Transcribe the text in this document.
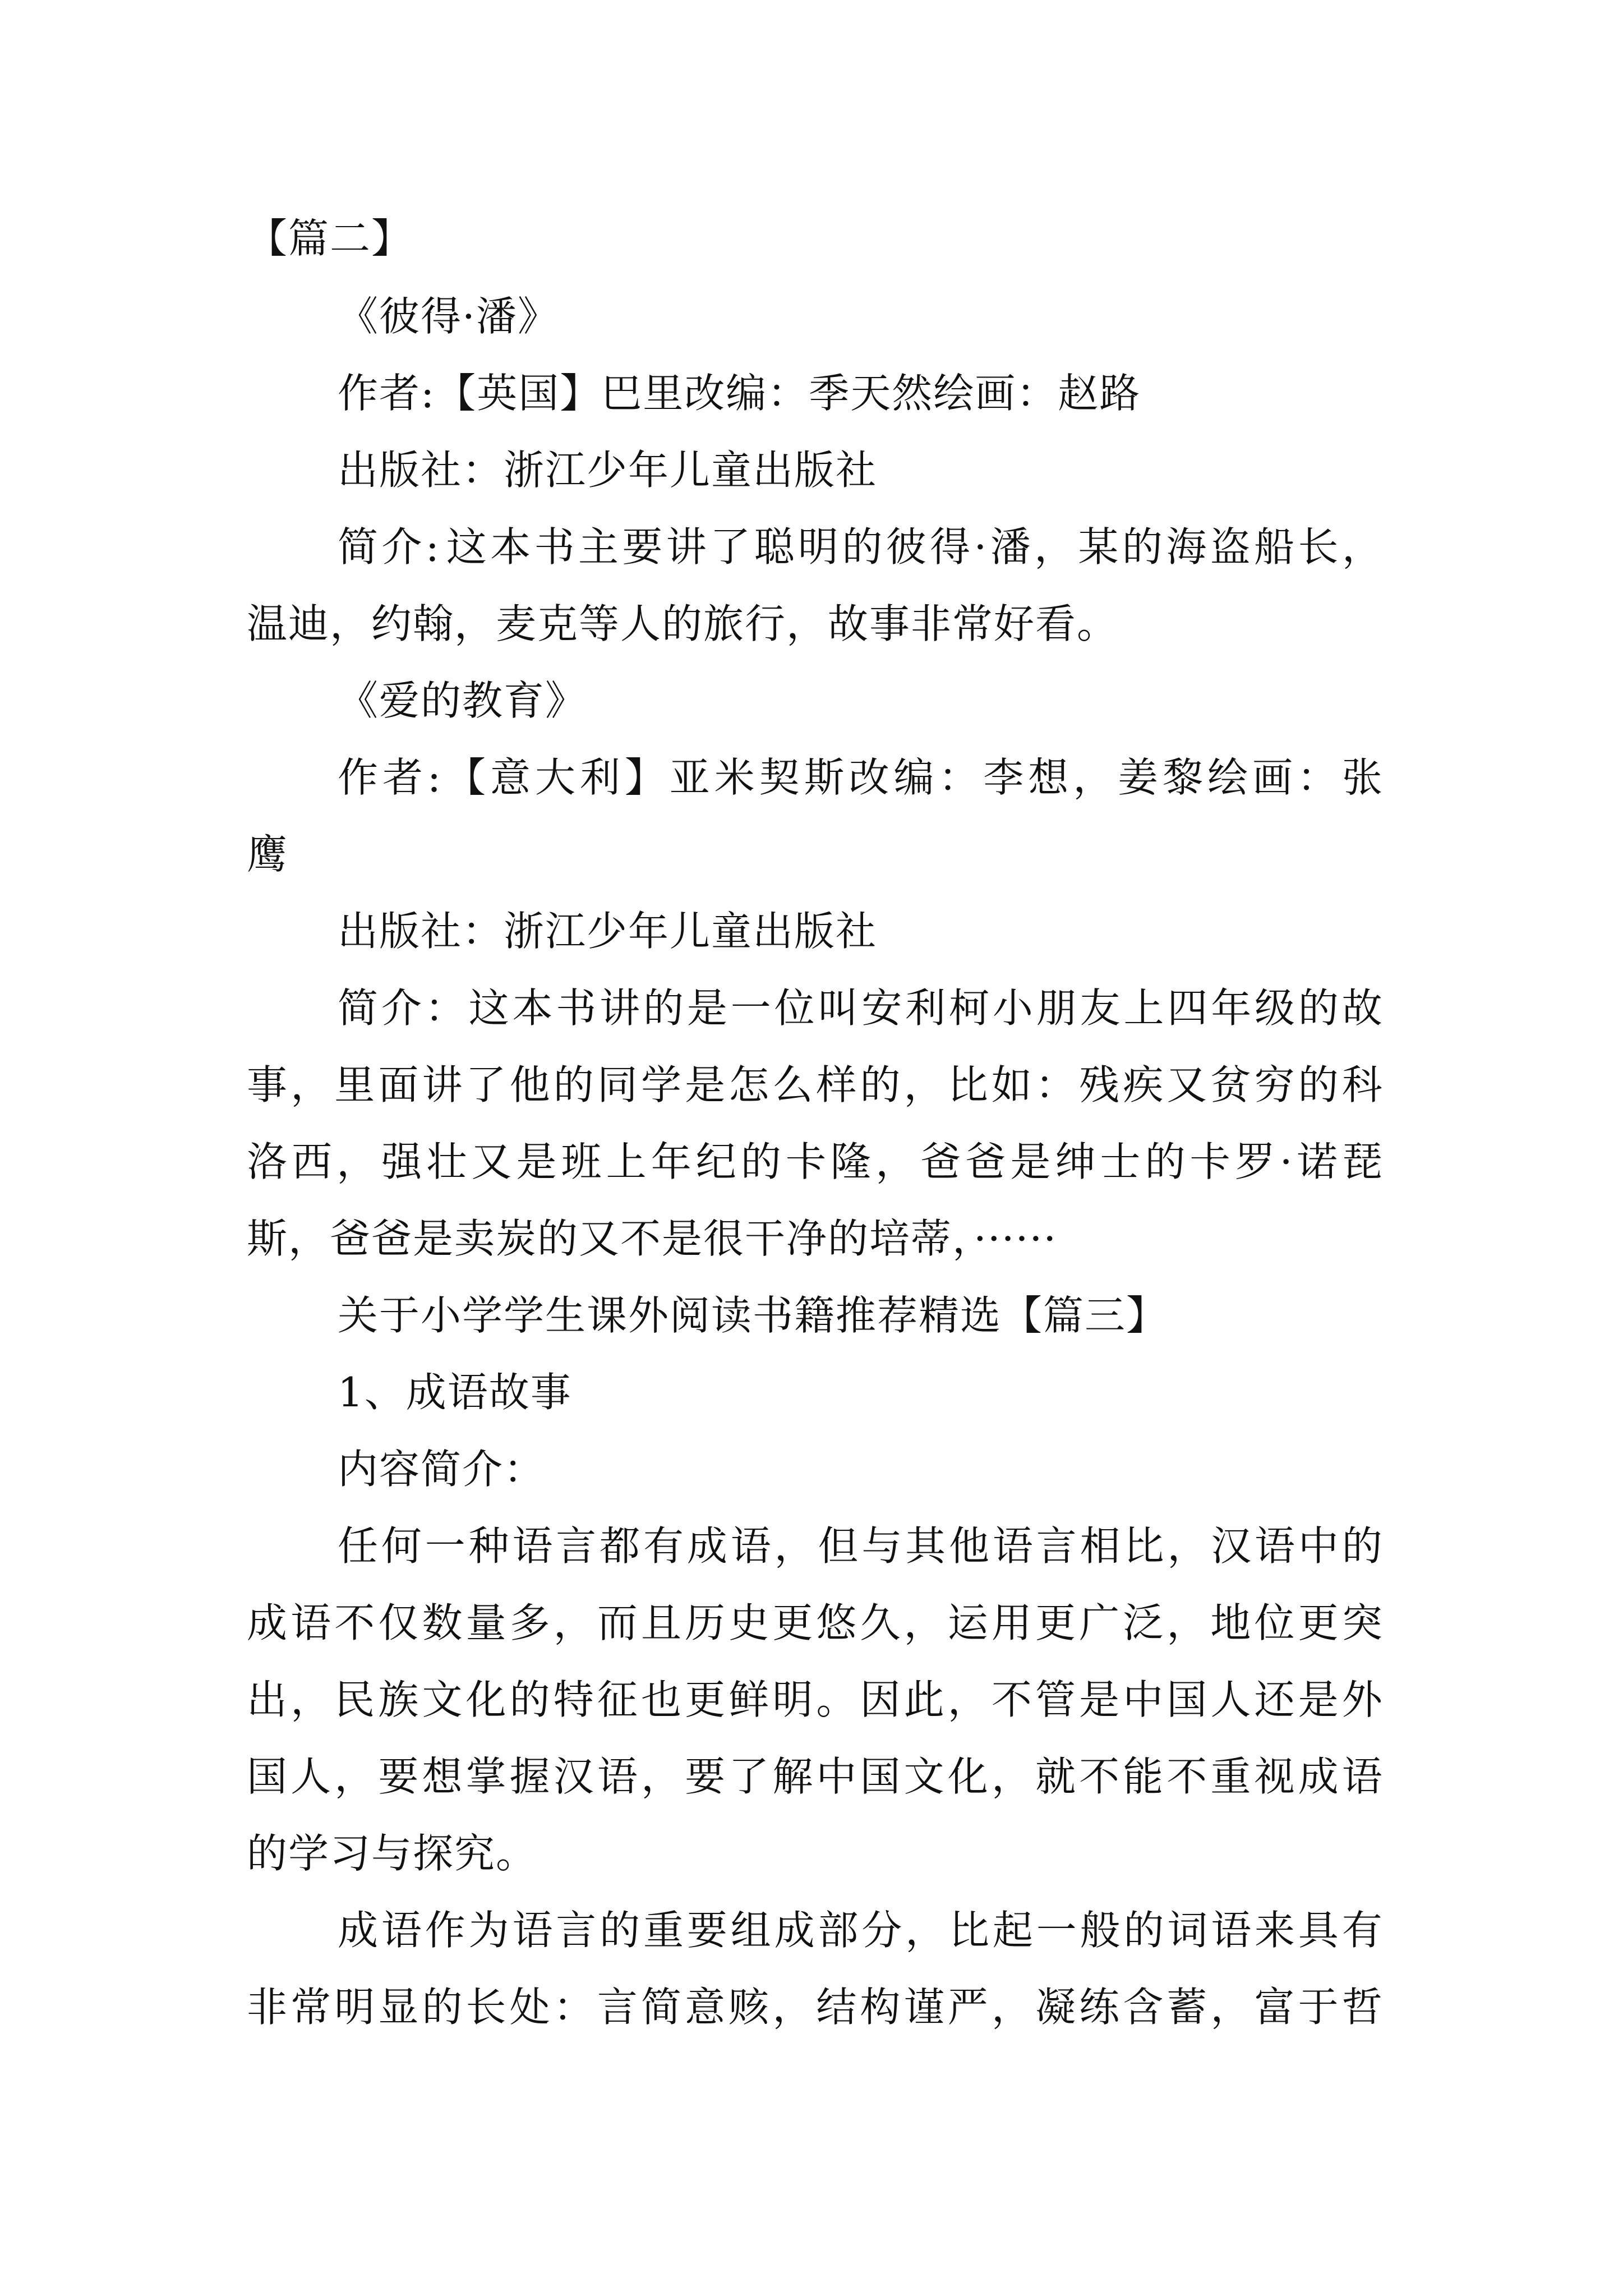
【篇二】
《彼得·潘》
作者:【英国】巴里改编：季天然绘画：赵路
出版社：浙江少年儿童出版社
简 介 : 这 本 书 主 要 讲 了 聪 明 的 彼 得 · 潘 ， 某 的 海 盗 船 长 ，
温迪，约翰，麦克等人的旅行，故事非常好看。
《爱的教育》
作 者 : 【 意 大 利 】 亚 米 契 斯 改 编 ： 李 想 ， 姜 黎 绘 画 ： 张
鹰
出版社：浙江少年儿童出版社
简 介 ： 这 本 书 讲 的 是 一 位 叫 安 利 柯 小 朋 友 上 四 年 级 的 故
事 ， 里 面 讲 了 他 的 同 学 是 怎 么 样 的 ， 比 如 ： 残 疾 又 贫 穷 的 科
洛 西 ， 强 壮 又 是 班 上 年 纪 的 卡 隆 ， 爸 爸 是 绅 士 的 卡 罗 · 诺 琵
斯，爸爸是卖炭的又不是很干净的培蒂，······
关于小学学生课外阅读书籍推荐精选【篇三】
1、成语故事
内容简介：
任 何 一 种 语 言 都 有 成 语 ， 但 与 其 他 语 言 相 比 ， 汉 语 中 的
成 语 不 仅 数 量 多 ， 而 且 历 史 更 悠 久 ， 运 用 更 广 泛 ， 地 位 更 突
出 ， 民 族 文 化 的 特 征 也 更 鲜 明 。 因 此 ， 不 管 是 中 国 人 还 是 外
国 人 ， 要 想 掌 握 汉 语 ， 要 了 解 中 国 文 化 ， 就 不 能 不 重 视 成 语
的学习与探究。
成 语 作 为 语 言 的 重 要 组 成 部 分 ， 比 起 一 般 的 词 语 来 具 有
非 常 明 显 的 长 处 ： 言 简 意 赅 ， 结 构 谨 严 ， 凝 练 含 蓄 ， 富 于 哲
